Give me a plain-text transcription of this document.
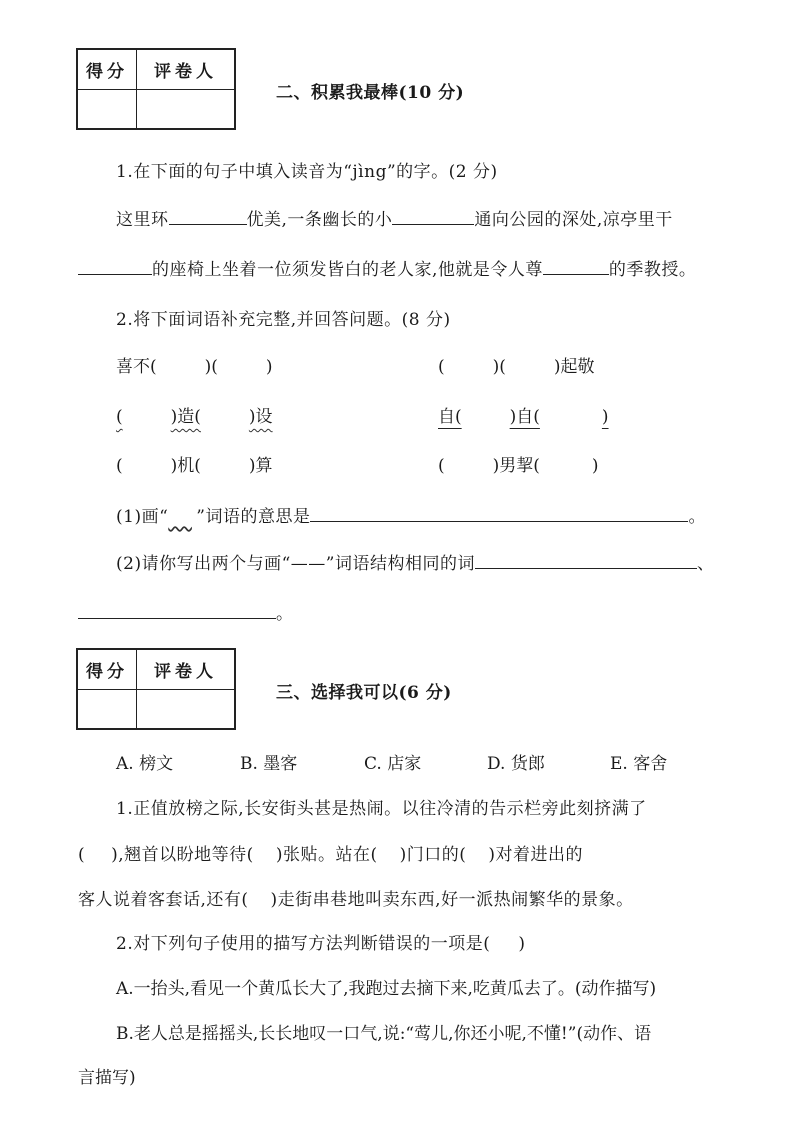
得分	评卷人

二、积累我最棒(10 分)
1.在下面的句子中填入读音为“jìng”的字。(2 分)
这里环	优美,一条幽长的小	通向公园的深处,凉亭里干
的座椅上坐着一位须发皆白的老人家,他就是令人尊	的季教授。
2.将下面词语补充完整,并回答问题。(8 分)
喜不(	)(	)	(	)(	)起敬
(	)造(	)设	自(	)自(	)
(	)机(	)算	(	)男挈(	)
(1)画“ ”词语的意思是	。
(2)请你写出两个与画“——”词语结构相同的词	、
。
得分	评卷人

三、选择我可以(6 分)
A. 榜文	B. 墨客	C. 店家	D. 货郎	E. 客舍
1.正值放榜之际,长安街头甚是热闹。以往冷清的告示栏旁此刻挤满了
( ),翘首以盼地等待( )张贴。站在( )门口的( )对着进出的
客人说着客套话,还有( )走街串巷地叫卖东西,好一派热闹繁华的景象。
2.对下列句子使用的描写方法判断错误的一项是( )
A.一抬头,看见一个黄瓜长大了,我跑过去摘下来,吃黄瓜去了。(动作描写)
B.老人总是摇摇头,长长地叹一口气,说:“莺儿,你还小呢,不懂!”(动作、语
言描写)
